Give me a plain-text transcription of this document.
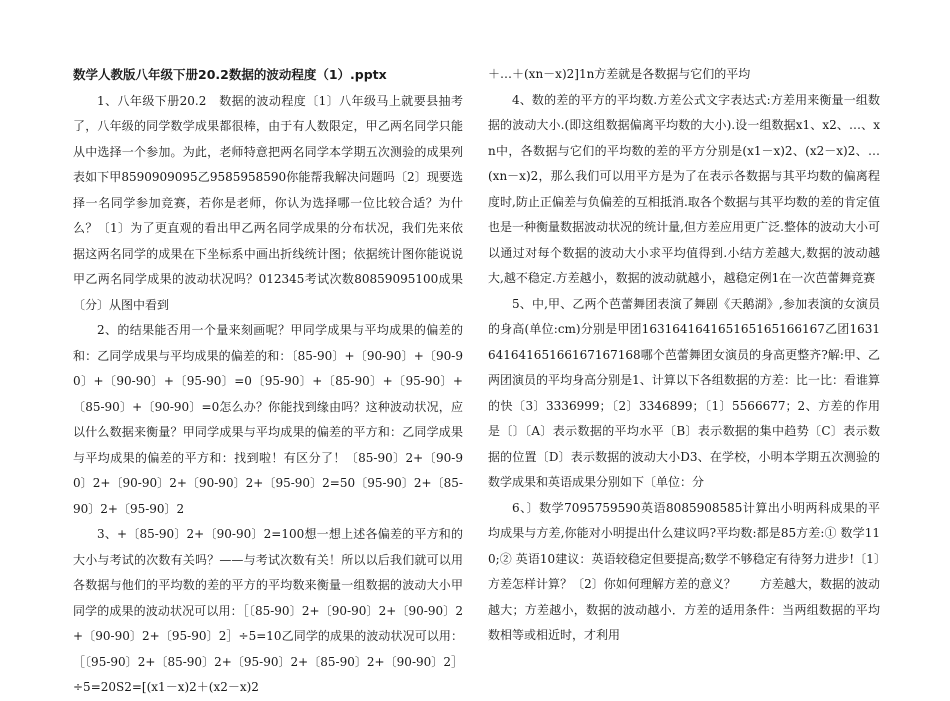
数学人教版八年级下册20.2数据的波动程度（1）.pptx

1、八年级下册20.2　数据的波动程度〔1〕八年级马上就要县抽考了，八年级的同学数学成果都很棒，由于有人数限定，甲乙两名同学只能从中选择一个参加。为此，老师特意把两名同学本学期五次测验的成果列表如下甲8590909095乙9585958590你能帮我解决问题吗〔2〕现要选择一名同学参加竞赛，若你是老师，你认为选择哪一位比较合适？为什么？〔1〕为了更直观的看出甲乙两名同学成果的分布状况，我们先来依据这两名同学的成果在下坐标系中画出折线统计图；依据统计图你能说说甲乙两名同学成果的波动状况吗？012345考试次数80859095100成果〔分〕从图中看到

2、的结果能否用一个量来刻画呢？甲同学成果与平均成果的偏差的和：乙同学成果与平均成果的偏差的和：〔85-90〕+〔90-90〕+〔90-90〕+〔90-90〕+〔95-90〕=0〔95-90〕+〔85-90〕+〔95-90〕+〔85-90〕+〔90-90〕=0怎么办？你能找到缘由吗？这种波动状况，应以什么数据来衡量？甲同学成果与平均成果的偏差的平方和：乙同学成果与平均成果的偏差的平方和：找到啦！有区分了！〔85-90〕2+〔90-90〕2+〔90-90〕2+〔90-90〕2+〔95-90〕2=50〔95-90〕2+〔85-90〕2+〔95-90〕2

3、+〔85-90〕2+〔90-90〕2=100想一想上述各偏差的平方和的大小与考试的次数有关吗？——与考试次数有关！所以以后我们就可以用各数据与他们的平均数的差的平方的平均数来衡量一组数据的波动大小甲同学的成果的波动状况可以用：［〔85-90〕2+〔90-90〕2+〔90-90〕2+〔90-90〕2+〔95-90〕2］÷5=10乙同学的成果的波动状况可以用：［〔95-90〕2+〔85-90〕2+〔95-90〕2+〔85-90〕2+〔90-90〕2］÷5=20S2=[(x1－x)2＋(x2－x)2

＋…＋(xn－x)2]1n方差就是各数据与它们的平均

4、数的差的平方的平均数.方差公式文字表达式:方差用来衡量一组数据的波动大小.(即这组数据偏离平均数的大小).设一组数据x1、x2、…、xn中，各数据与它们的平均数的差的平方分别是(x1－x)2、(x2－x)2、…(xn－x)2，那么我们可以用平方是为了在表示各数据与其平均数的偏离程度时,防止正偏差与负偏差的互相抵消.取各个数据与其平均数的差的肯定值也是一种衡量数据波动状况的统计量,但方差应用更广泛.整体的波动大小可以通过对每个数据的波动大小求平均值得到.小结方差越大,数据的波动越大,越不稳定.方差越小，数据的波动就越小，越稳定例1在一次芭蕾舞竞赛

5、中,甲、乙两个芭蕾舞团表演了舞剧《天鹅湖》,参加表演的女演员的身高(单位:cm)分别是甲团163164164165165165166167乙团163164164165166167167168哪个芭蕾舞团女演员的身高更整齐?解:甲、乙两团演员的平均身高分别是1、计算以下各组数据的方差：比一比：看谁算的快〔3〕3336999；〔2〕3346899；〔1〕5566677；2、方差的作用是〔〕〔A〕表示数据的平均水平〔B〕表示数据的集中趋势〔C〕表示数据的位置〔D〕表示数据的波动大小D3、在学校，小明本学期五次测验的数学成果和英语成果分别如下〔单位：分

6、〕数学7095759590英语8085908585计算出小明两科成果的平均成果与方差,你能对小明提出什么建议吗?平均数:都是85方差:① 数学110;② 英语10建议：英语较稳定但要提高;数学不够稳定有待努力进步!〔1〕方差怎样计算？〔2〕你如何理解方差的意义？　　方差越大，数据的波动越大；方差越小，数据的波动越小．方差的适用条件：当两组数据的平均数相等或相近时，才利用
